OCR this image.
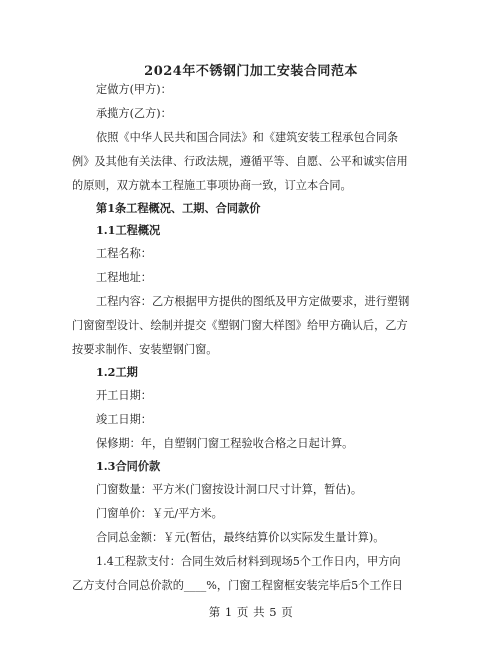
2024年不锈钢门加工安装合同范本
定做方(甲方)：
承揽方(乙方)：
依照《中华人民共和国合同法》和《建筑安装工程承包合同条
例》及其他有关法律、行政法规，遵循平等、自愿、公平和诚实信用
的原则，双方就本工程施工事项协商一致，订立本合同。
第1条工程概况、工期、合同款价
1.1工程概况
工程名称：
工程地址：
工程内容：乙方根据甲方提供的图纸及甲方定做要求，进行塑钢
门窗窗型设计、绘制并提交《塑钢门窗大样图》给甲方确认后，乙方
按要求制作、安装塑钢门窗。
1.2工期
开工日期：
竣工日期：
保修期：年，自塑钢门窗工程验收合格之日起计算。
1.3合同价款
门窗数量：平方米(门窗按设计洞口尺寸计算，暂估)。
门窗单价：￥元/平方米。
合同总金额：￥元(暂估，最终结算价以实际发生量计算)。
1.4工程款支付：合同生效后材料到现场5个工作日内，甲方向
乙方支付合同总价款的____%，门窗工程窗框安装完毕后5个工作日
第 1 页 共 5 页
